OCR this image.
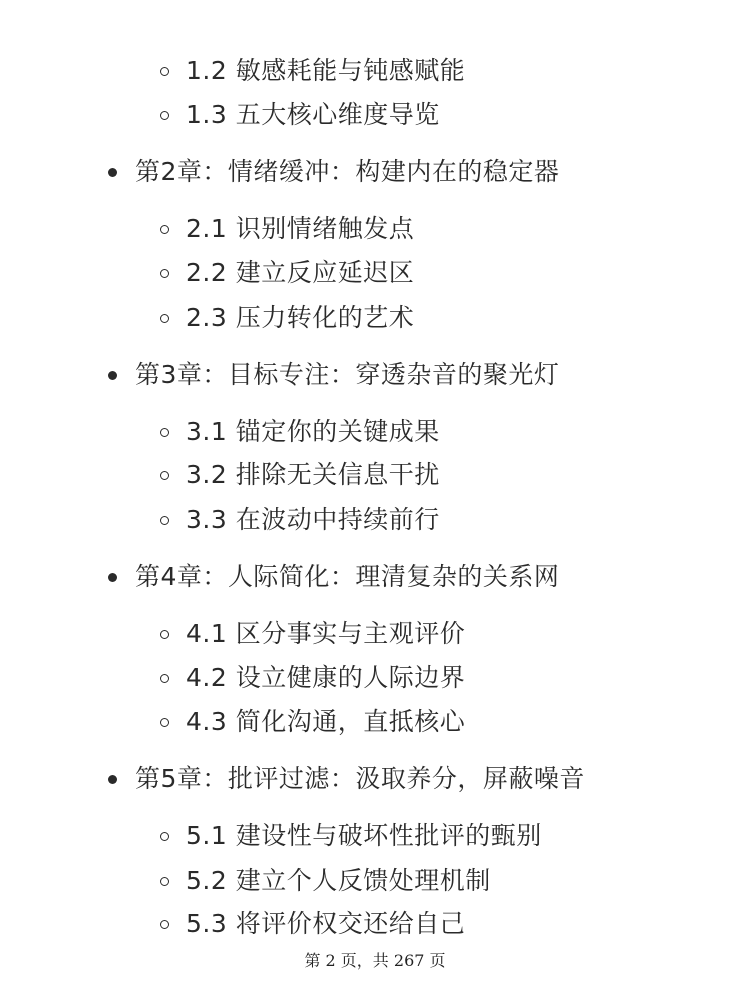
1.2 敏感耗能与钝感赋能
1.3 五大核心维度导览
第2章：情绪缓冲：构建内在的稳定器
2.1 识别情绪触发点
2.2 建立反应延迟区
2.3 压力转化的艺术
第3章：目标专注：穿透杂音的聚光灯
3.1 锚定你的关键成果
3.2 排除无关信息干扰
3.3 在波动中持续前行
第4章：人际简化：理清复杂的关系网
4.1 区分事实与主观评价
4.2 设立健康的人际边界
4.3 简化沟通，直抵核心
第5章：批评过滤：汲取养分，屏蔽噪音
5.1 建设性与破坏性批评的甄别
5.2 建立个人反馈处理机制
5.3 将评价权交还给自己
第 2 页，共 267 页
